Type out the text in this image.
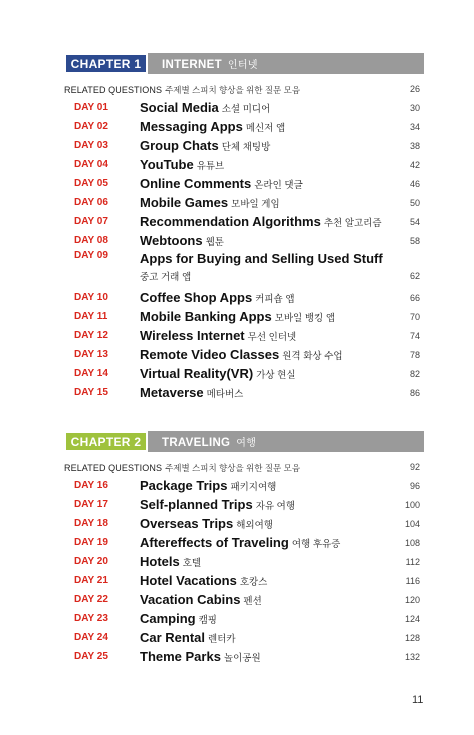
CHAPTER 1	INTERNET 인터넷
RELATED QUESTIONS 주제별 스피치 향상을 위한 질문 모음	26
DAY 01	Social Media 소셜 미디어	30
DAY 02	Messaging Apps 메신저 앱	34
DAY 03	Group Chats 단체 채팅방	38
DAY 04	YouTube 유튜브	42
DAY 05	Online Comments 온라인 댓글	46
DAY 06	Mobile Games 모바일 게임	50
DAY 07	Recommendation Algorithms 추천 알고리즘	54
DAY 08	Webtoons 웹툰	58
DAY 09	Apps for Buying and Selling Used Stuff
중고 거래 앱	62
DAY 10	Coffee Shop Apps 커피숍 앱	66
DAY 11	Mobile Banking Apps 모바일 뱅킹 앱	70
DAY 12	Wireless Internet 무선 인터넷	74
DAY 13	Remote Video Classes 원격 화상 수업	78
DAY 14	Virtual Reality(VR) 가상 현실	82
DAY 15	Metaverse 메타버스	86
CHAPTER 2	TRAVELING 여행
RELATED QUESTIONS 주제별 스피치 향상을 위한 질문 모음	92
DAY 16	Package Trips 패키지여행	96
DAY 17	Self-planned Trips 자유 여행	100
DAY 18	Overseas Trips 해외여행	104
DAY 19	Aftereffects of Traveling 여행 후유증	108
DAY 20	Hotels 호텔	112
DAY 21	Hotel Vacations 호캉스	116
DAY 22	Vacation Cabins 펜션	120
DAY 23	Camping 캠핑	124
DAY 24	Car Rental 렌터카	128
DAY 25	Theme Parks 놀이공원	132
11
